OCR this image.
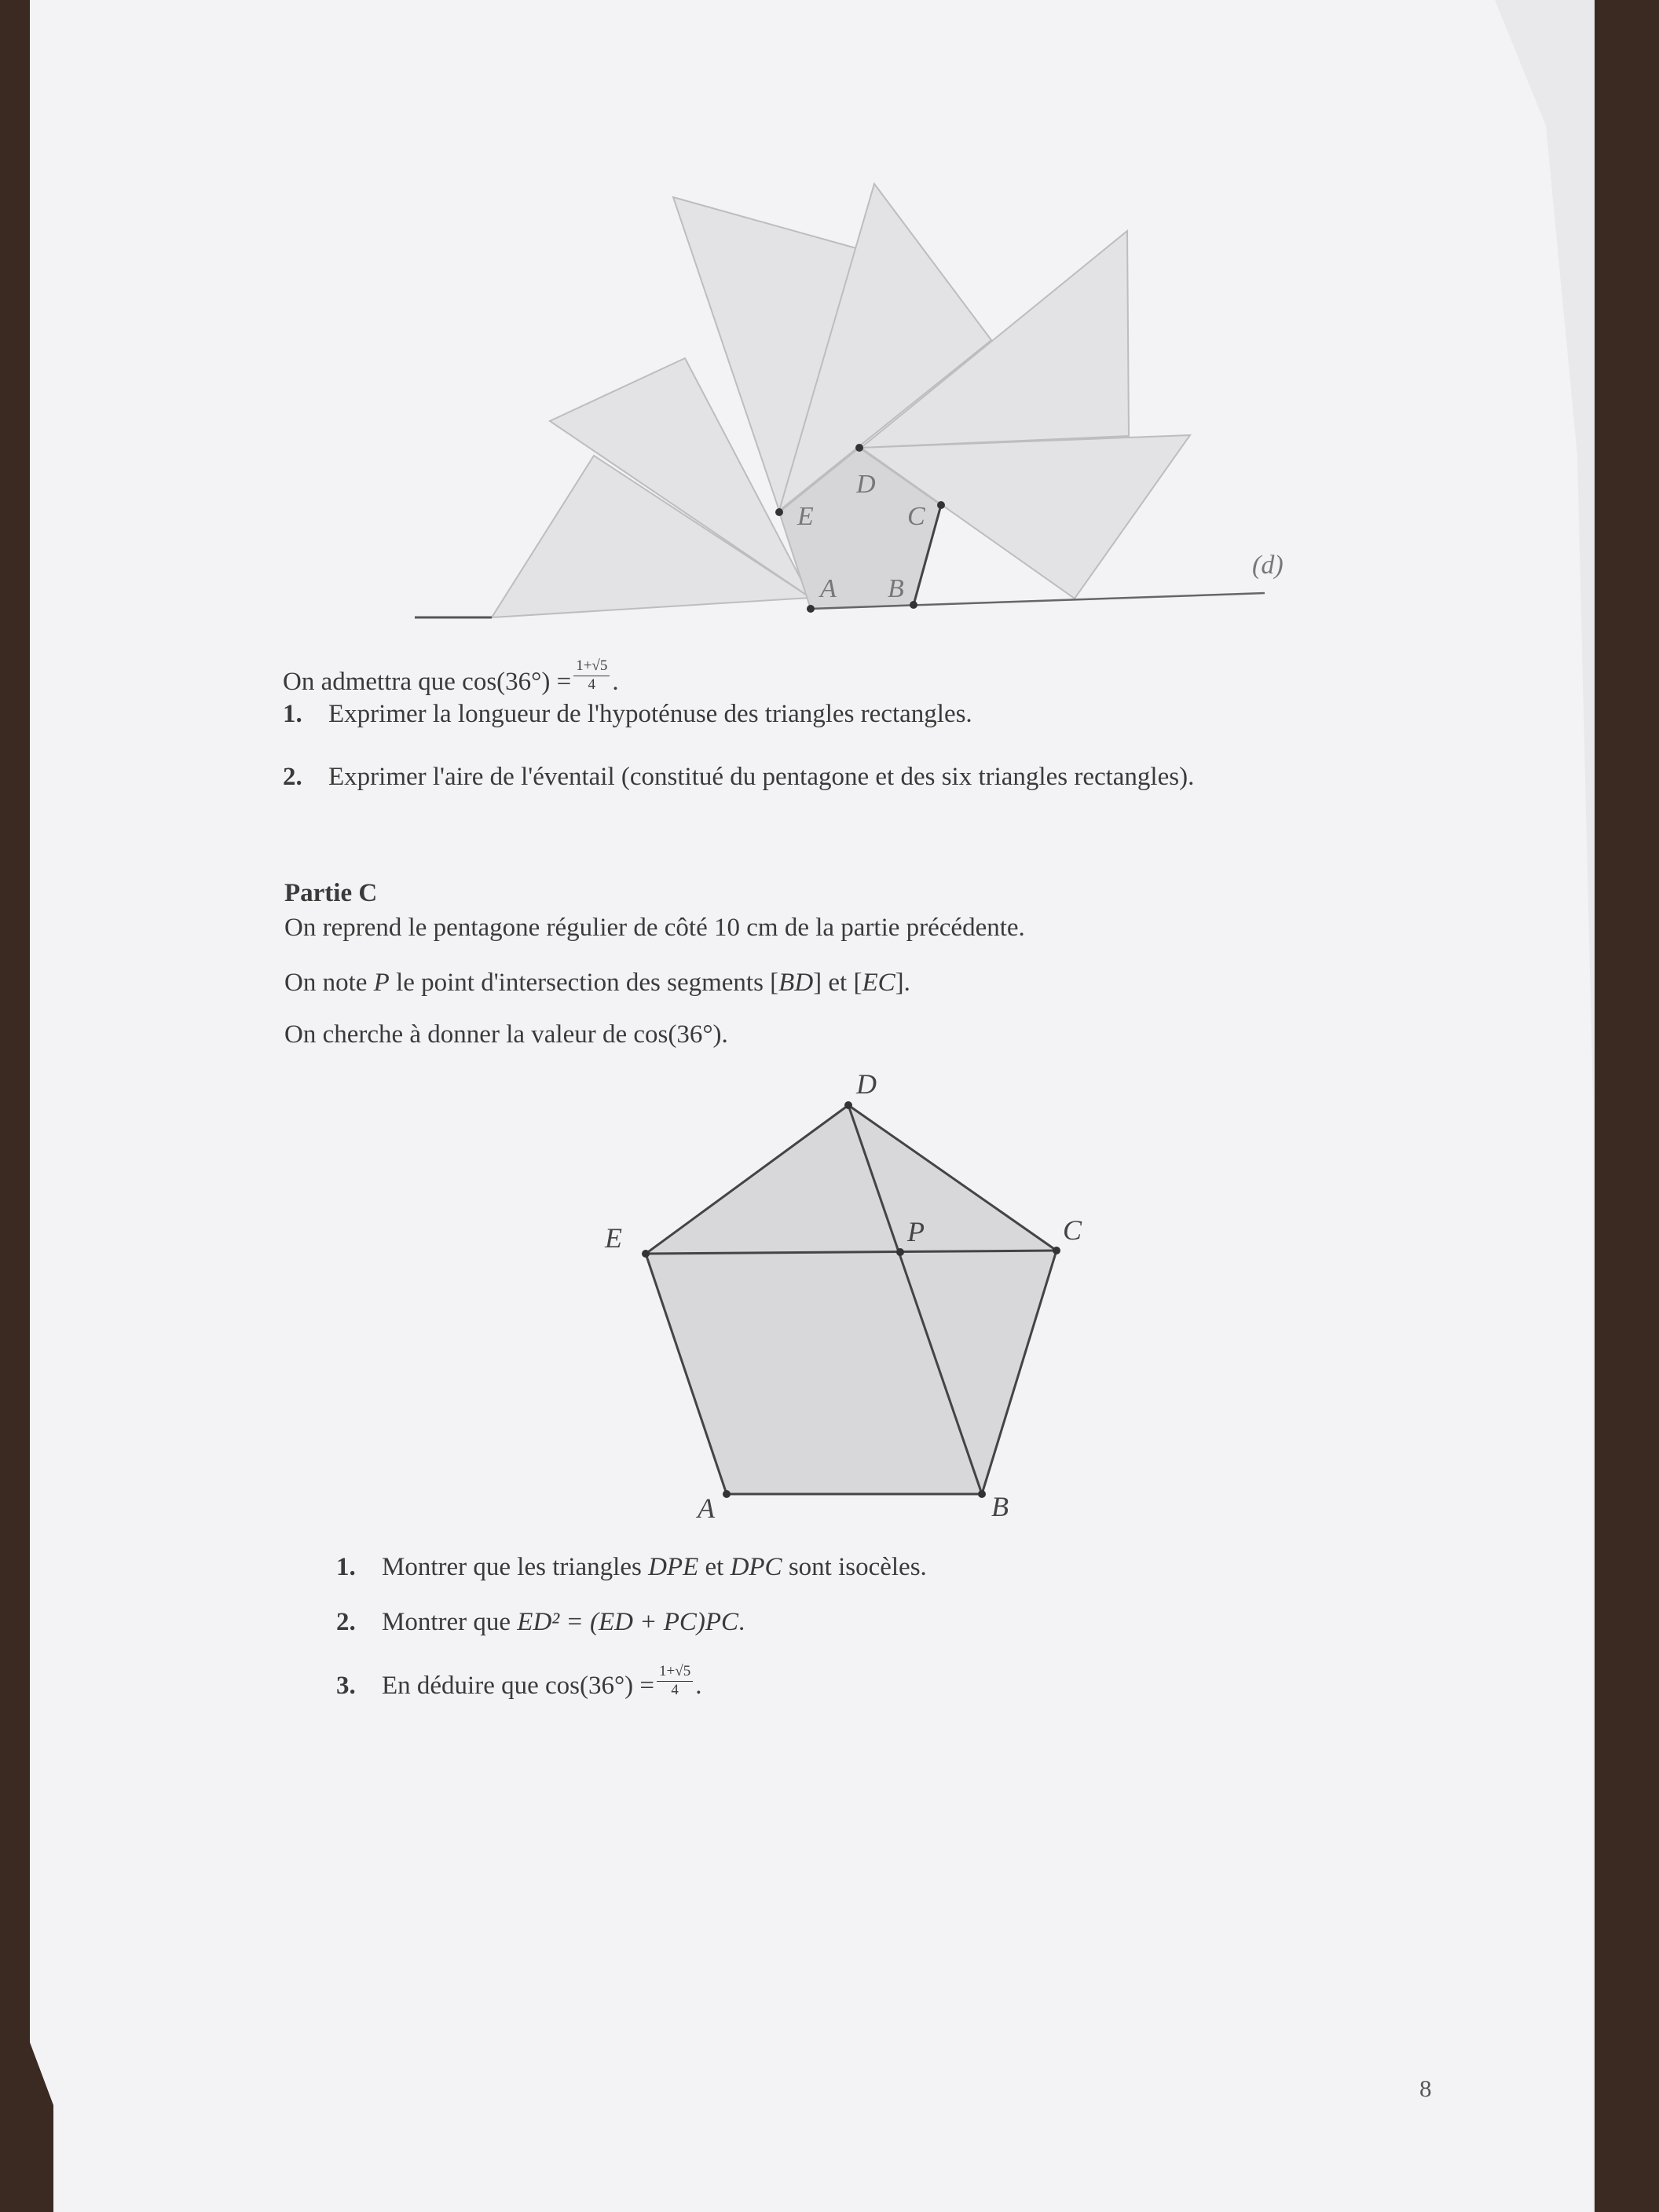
D
E	C
A B
(d)
On admettra que $\cos(36^\circ) = \frac{1+√5}{4}$ .
1. Exprimer la longueur de l'hypoténuse des triangles rectangles.
2. Exprimer l'aire de l'éventail (constitué du pentagone et des six triangles rectangles).
Partie C
On reprend le pentagone régulier de côté 10 cm de la partie précédente.
On note P le point d'intersection des segments [BD] et [EC].
On cherche à donner la valeur de cos(36°).
D
E	P	C
A	B
1. Montrer que les triangles DPE et DPC sont isocèles.
2. Montrer que ED² = (ED + PC)PC.
3. En déduire que $\cos(36^\circ) = \frac{1+√5}{4}$ .
8
